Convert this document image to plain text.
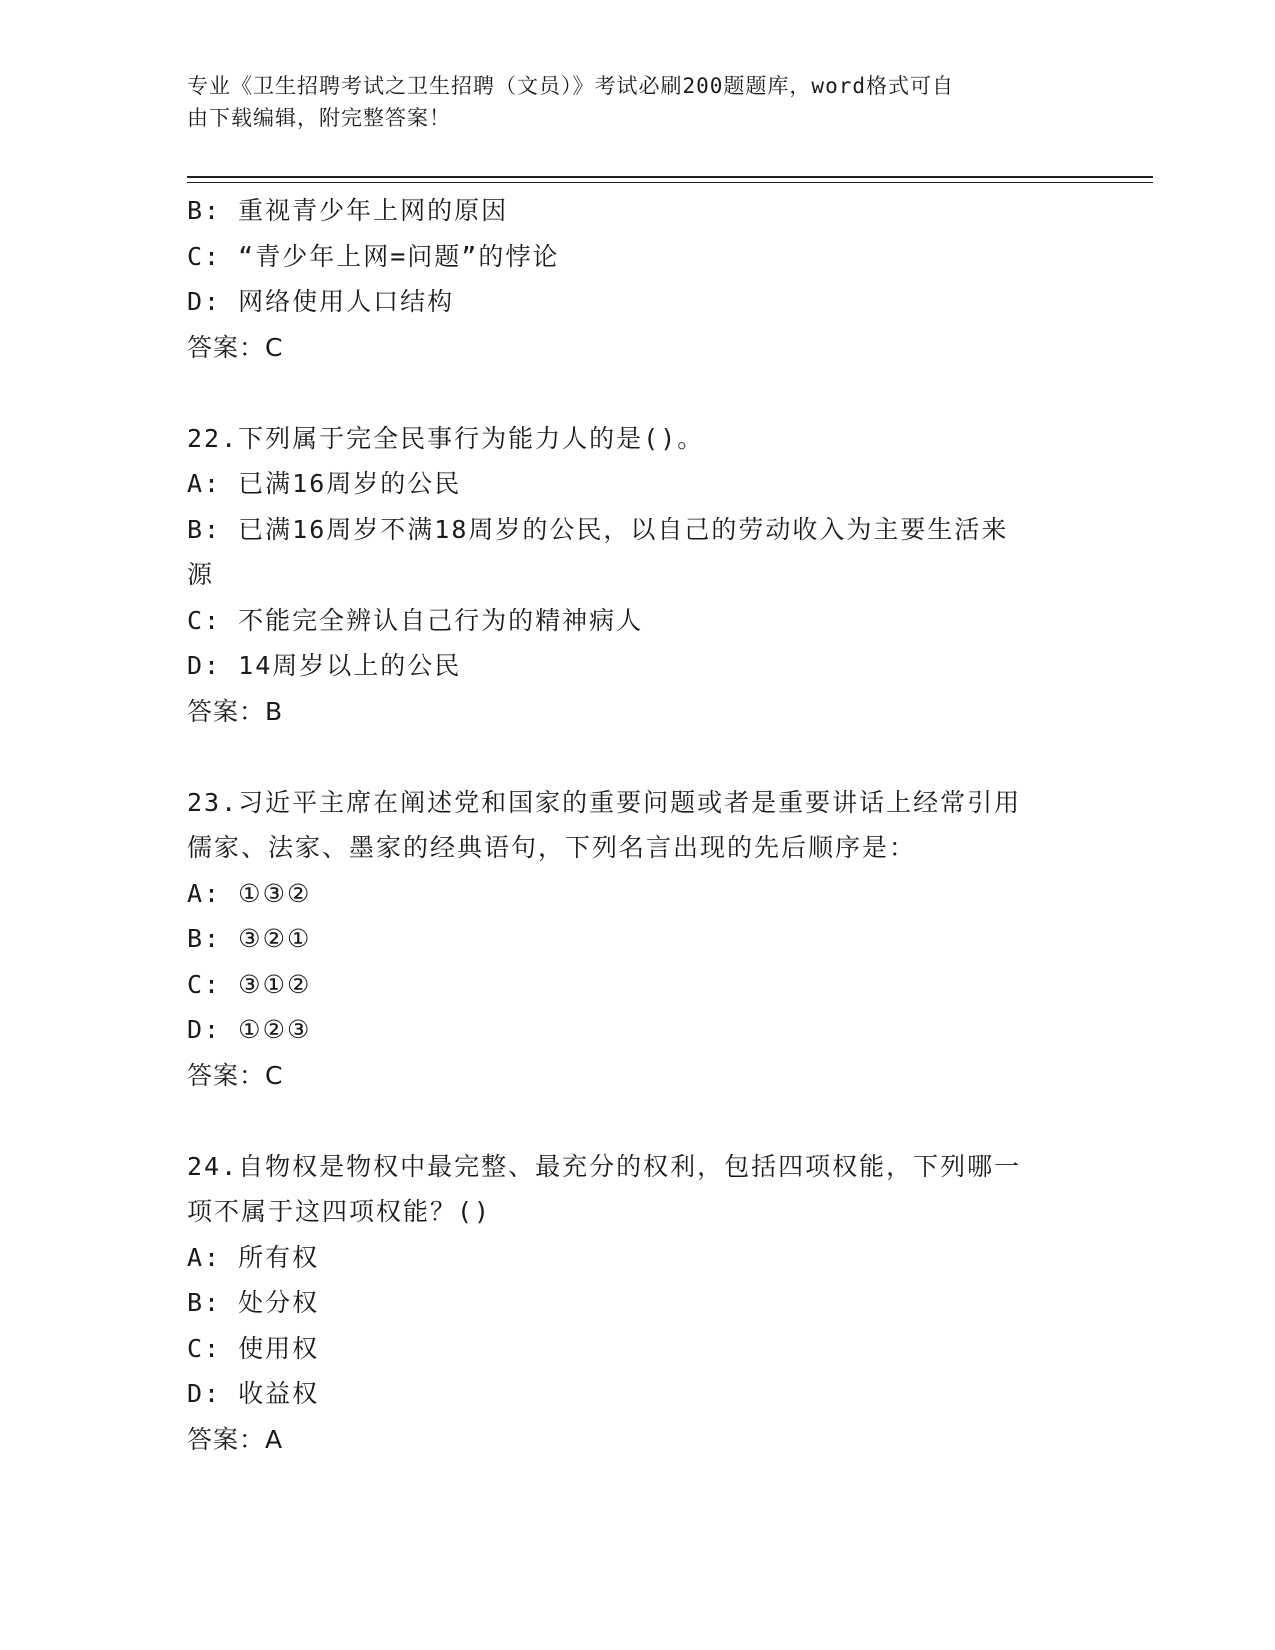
专业《卫生招聘考试之卫生招聘（文员）》考试必刷200题题库，word格式可自
由下载编辑，附完整答案！
B: 重视青少年上网的原因
C: “青少年上网=问题”的悖论
D: 网络使用人口结构
答案：C
22.下列属于完全民事行为能力人的是()。
A: 已满16周岁的公民
B: 已满16周岁不满18周岁的公民，以自己的劳动收入为主要生活来
源
C: 不能完全辨认自己行为的精神病人
D: 14周岁以上的公民
答案：B
23.习近平主席在阐述党和国家的重要问题或者是重要讲话上经常引用
儒家、法家、墨家的经典语句，下列名言出现的先后顺序是：
A: ①③②
B: ③②①
C: ③①②
D: ①②③
答案：C
24.自物权是物权中最完整、最充分的权利，包括四项权能，下列哪一
项不属于这四项权能？()
A: 所有权
B: 处分权
C: 使用权
D: 收益权
答案：A
